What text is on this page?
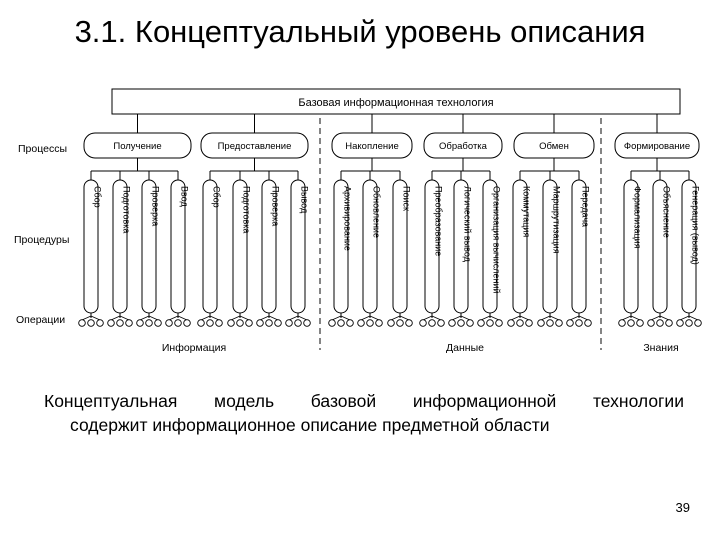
3.1. Концептуальный уровень описания
Базовая информационная технология
Процессы
Процедуры
Операции
Получение	Предоставление	Накопление	Обработка	Обмен	Формирование
Сбор Подготовка Проверка Ввод Сбор Подготовка Проверка Вывод	Архивирование Обновление Поиск Преобразование Логический вывод Организация вычислений Коммутация Маршрутизация Передача	Формализация Объяснение Генерация (вывод)
Информация	Данные	Знания
Концептуальная модель базовой информационной технологии
содержит информационное описание предметной области
39
